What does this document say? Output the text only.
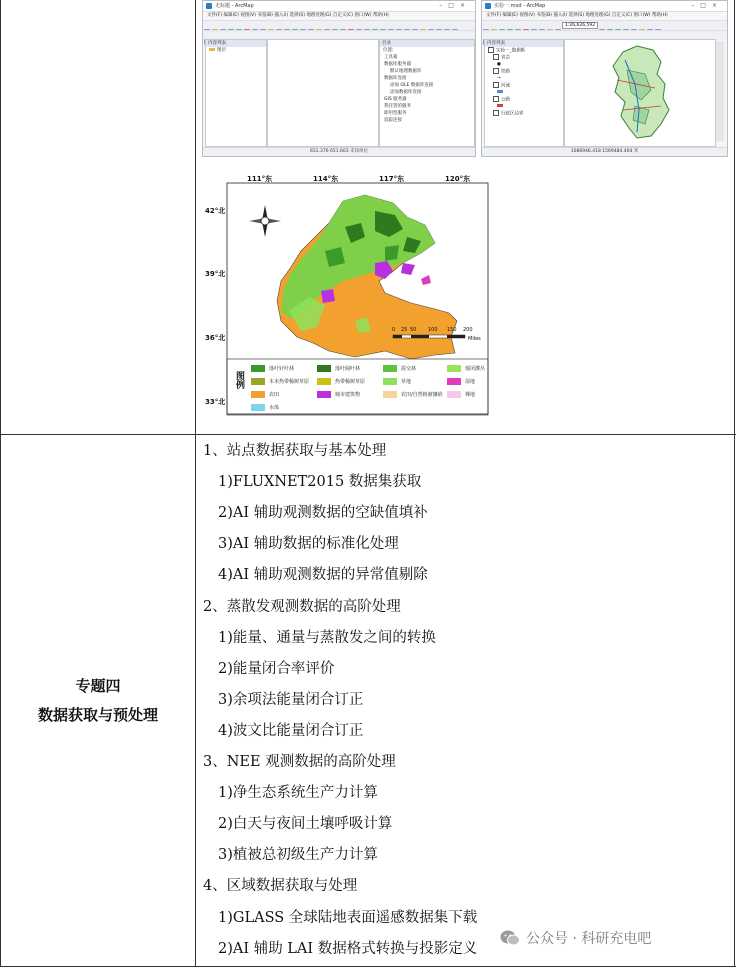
无标题 - ArcMap	–□×
文件(F) 编辑(E) 视图(V) 书签(B) 插入(I) 选择(S) 地理处理(G) 自定义(C) 窗口(W) 帮助(H)
内容列表
图层
目录
位置:
工具箱
数据库服务器
默认地理数据库
数据库连接
添加 OLE 数据库连接
添加数据库连接
GIS 服务器
我托管的服务
即用型服务
追踪连接
651.376 651.603 未知单位
实验一.mxd - ArcMap	–□×
文件(F) 编辑(E) 视图(V) 书签(B) 插入(I) 选择(S) 地理处理(G) 自定义(C) 窗口(W) 帮助(H)
1:26,626,592
内容列表
实验一_数据框
省会
●
铁路
→
河流
公路
行政区边界
1086946.418 1569484.404 米
111°东	114°东	117°东	120°东
42°北
39°北
36°北
33°北
0 25 50 100 150 200
Miles
图例
落叶针叶林	落叶阔叶林	混交林	郁闭灌丛
木本热带稀树草原	热带稀树草原	草地	湿地
农田	城市建筑物	农田/自然植被镶嵌	裸地
水体
专题四
数据获取与预处理
1、站点数据获取与基本处理
1)FLUXNET2015 数据集获取
2)AI 辅助观测数据的空缺值填补
3)AI 辅助数据的标准化处理
4)AI 辅助观测数据的异常值剔除
2、蒸散发观测数据的高阶处理
1)能量、通量与蒸散发之间的转换
2)能量闭合率评价
3)余项法能量闭合订正
4)波文比能量闭合订正
3、NEE 观测数据的高阶处理
1)净生态系统生产力计算
2)白天与夜间土壤呼吸计算
3)植被总初级生产力计算
4、区域数据获取与处理
1)GLASS 全球陆地表面遥感数据集下载
2)AI 辅助 LAI 数据格式转换与投影定义
公众号 · 科研充电吧
